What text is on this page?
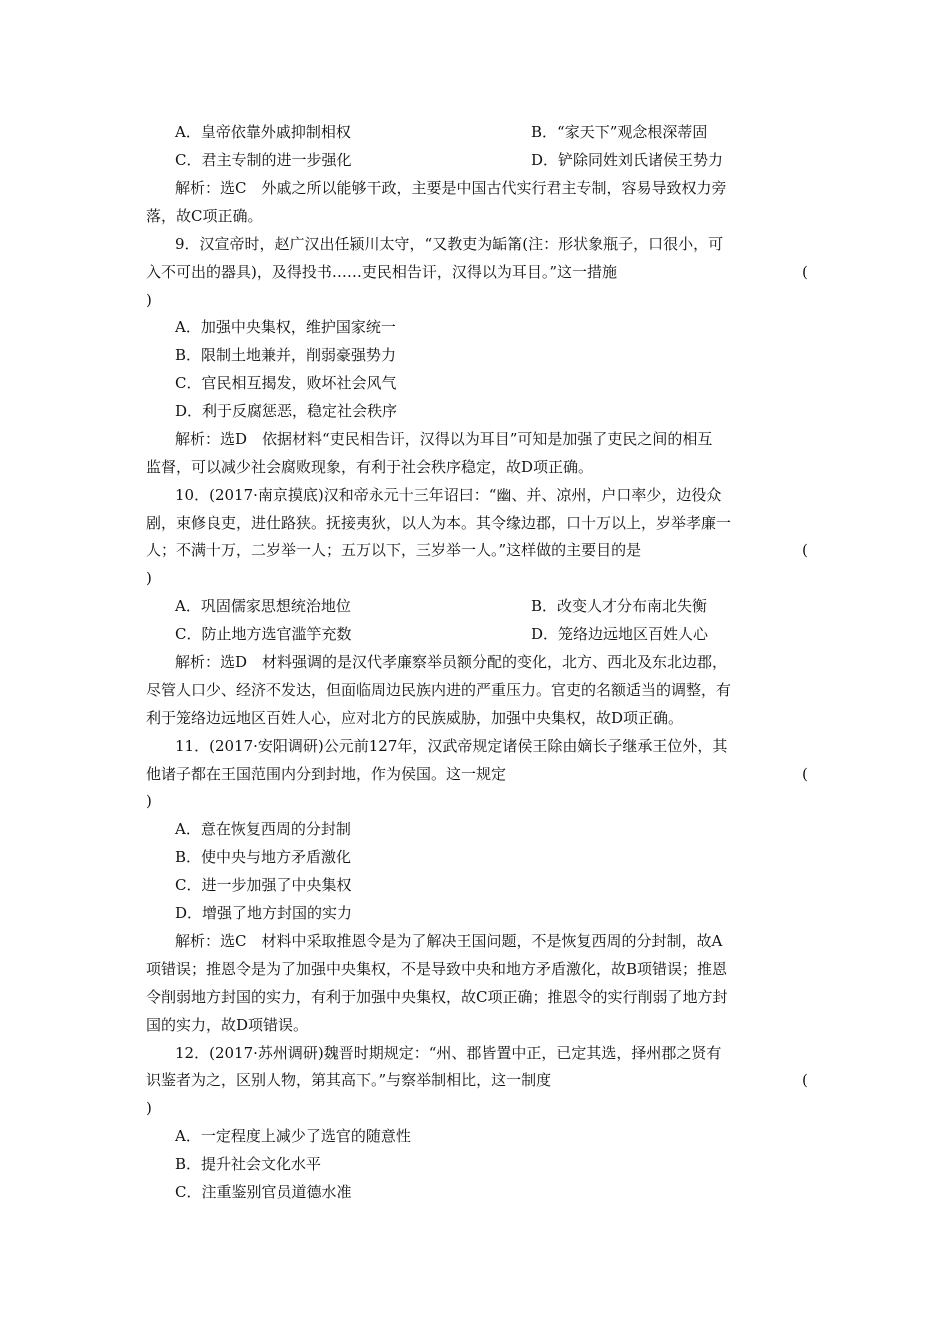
A．皇帝依靠外戚抑制相权	B．“家天下”观念根深蒂固
C．君主专制的进一步强化	D．铲除同姓刘氏诸侯王势力
解析：选C　外戚之所以能够干政，主要是中国古代实行君主专制，容易导致权力旁
落，故C项正确。
9．汉宣帝时，赵广汉出任颍川太守，“又教吏为缿筩(注：形状象瓶子，口很小，可
入不可出的器具)，及得投书……吏民相告讦，汉得以为耳目。”这一措施	(
)
A．加强中央集权，维护国家统一
B．限制土地兼并，削弱豪强势力
C．官民相互揭发，败坏社会风气
D．利于反腐惩恶，稳定社会秩序
解析：选D　依据材料“吏民相告讦，汉得以为耳目”可知是加强了吏民之间的相互
监督，可以减少社会腐败现象，有利于社会秩序稳定，故D项正确。
10．(2017·南京摸底)汉和帝永元十三年诏曰：“幽、并、凉州，户口率少，边役众
剧，束修良吏，进仕路狭。抚接夷狄，以人为本。其令缘边郡，口十万以上，岁举孝廉一
人；不满十万，二岁举一人；五万以下，三岁举一人。”这样做的主要目的是	(
)
A．巩固儒家思想统治地位	B．改变人才分布南北失衡
C．防止地方选官滥竽充数	D．笼络边远地区百姓人心
解析：选D　材料强调的是汉代孝廉察举员额分配的变化，北方、西北及东北边郡，
尽管人口少、经济不发达，但面临周边民族内进的严重压力。官吏的名额适当的调整，有
利于笼络边远地区百姓人心，应对北方的民族威胁，加强中央集权，故D项正确。
11．(2017·安阳调研)公元前127年，汉武帝规定诸侯王除由嫡长子继承王位外，其
他诸子都在王国范围内分到封地，作为侯国。这一规定	(
)
A．意在恢复西周的分封制
B．使中央与地方矛盾激化
C．进一步加强了中央集权
D．增强了地方封国的实力
解析：选C　材料中采取推恩令是为了解决王国问题，不是恢复西周的分封制，故A
项错误；推恩令是为了加强中央集权，不是导致中央和地方矛盾激化，故B项错误；推恩
令削弱地方封国的实力，有利于加强中央集权，故C项正确；推恩令的实行削弱了地方封
国的实力，故D项错误。
12．(2017·苏州调研)魏晋时期规定：“州、郡皆置中正，已定其选，择州郡之贤有
识鉴者为之，区别人物，第其高下。”与察举制相比，这一制度	(
)
A．一定程度上减少了选官的随意性
B．提升社会文化水平
C．注重鉴别官员道德水准
